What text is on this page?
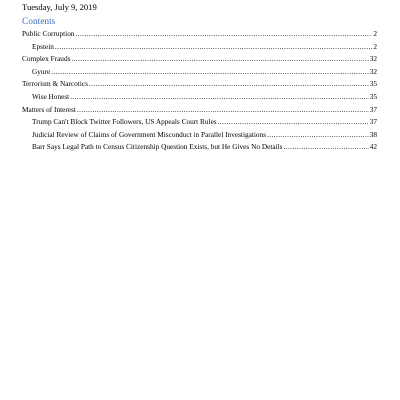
Tuesday, July 9, 2019
Contents
Public Corruption .....	2
Epstein .....	2
Complex Frauds .....	32
Gyure .....	32
Terrorism & Narcotics .....	35
Wise Honest .....	35
Matters of Interest .....	37
Trump Can't Block Twitter Followers, US Appeals Court Rules .....	37
Judicial Review of Claims of Government Misconduct in Parallel Investigations .....	38
Barr Says Legal Path to Census Citizenship Question Exists, but He Gives No Details .....	42
